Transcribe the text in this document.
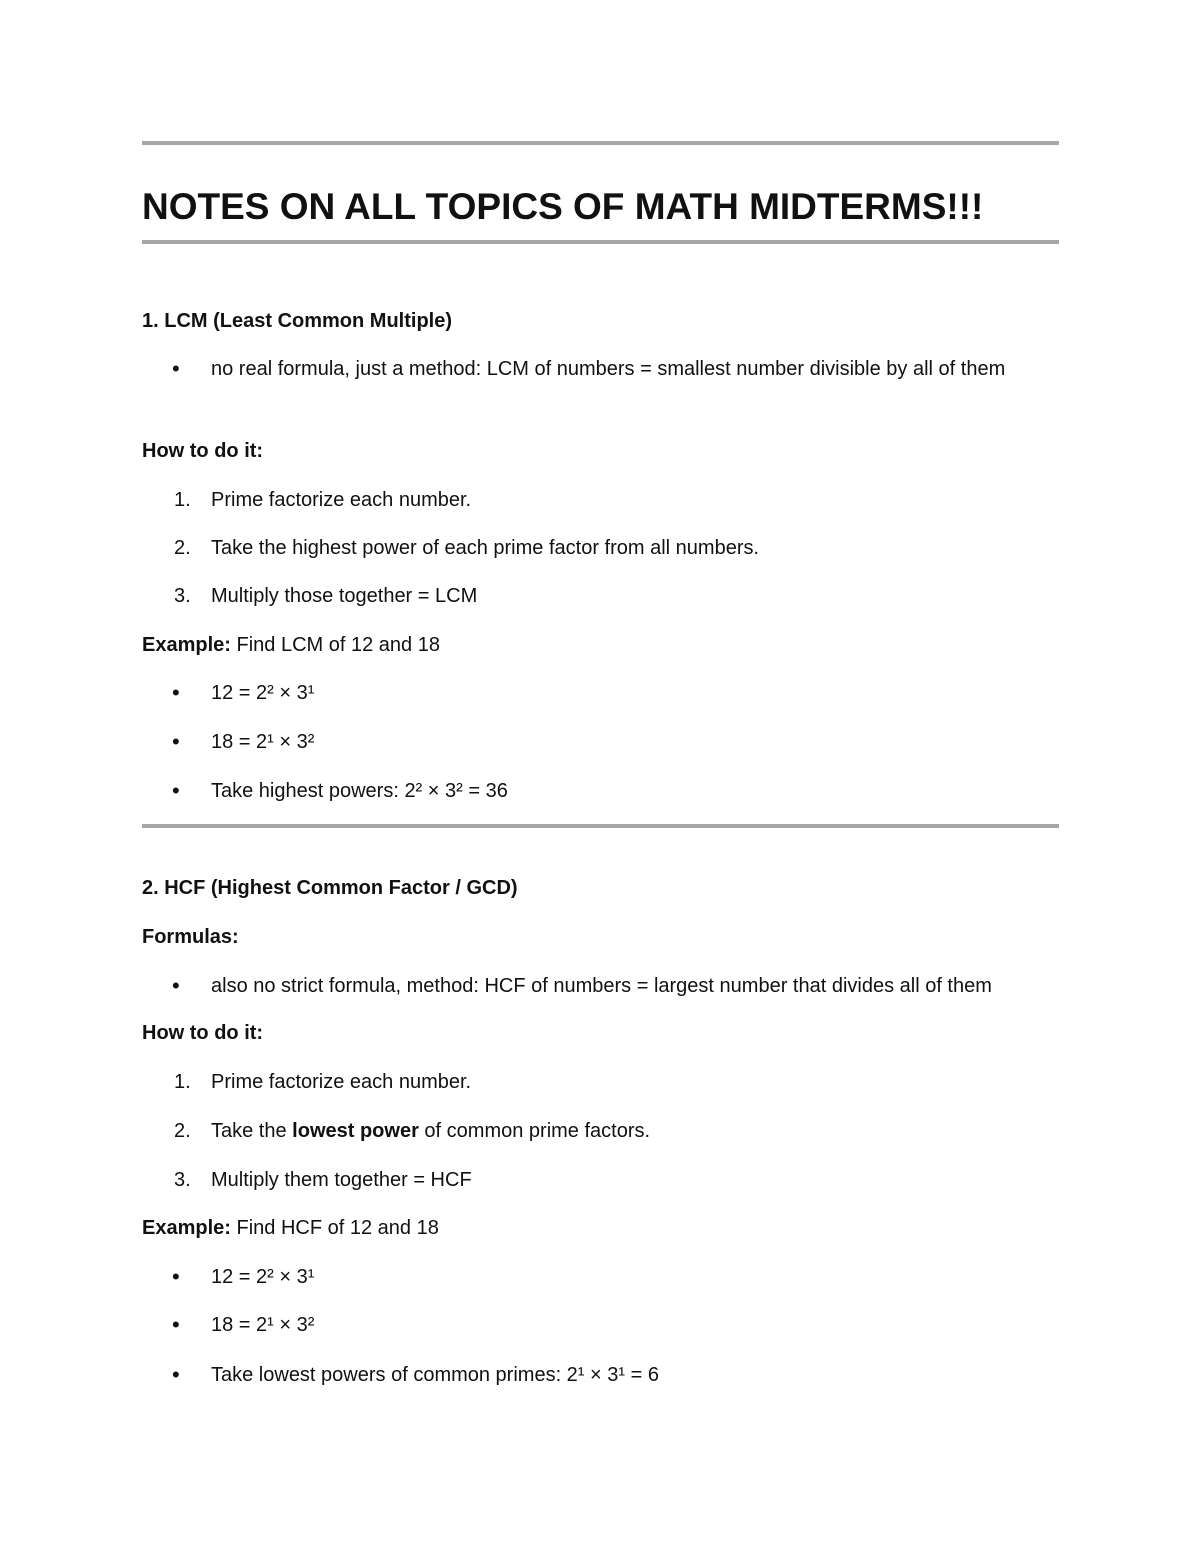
NOTES ON ALL TOPICS OF MATH MIDTERMS!!!
1. LCM (Least Common Multiple)
• no real formula, just a method: LCM of numbers = smallest number divisible by all of them
How to do it:
1. Prime factorize each number.
2. Take the highest power of each prime factor from all numbers.
3. Multiply those together = LCM
Example: Find LCM of 12 and 18
• 12 = 2² × 3¹
• 18 = 2¹ × 3²
• Take highest powers: 2² × 3² = 36
2. HCF (Highest Common Factor / GCD)
Formulas:
• also no strict formula, method: HCF of numbers = largest number that divides all of them
How to do it:
1. Prime factorize each number.
2. Take the lowest power of common prime factors.
3. Multiply them together = HCF
Example: Find HCF of 12 and 18
• 12 = 2² × 3¹
• 18 = 2¹ × 3²
• Take lowest powers of common primes: 2¹ × 3¹ = 6
